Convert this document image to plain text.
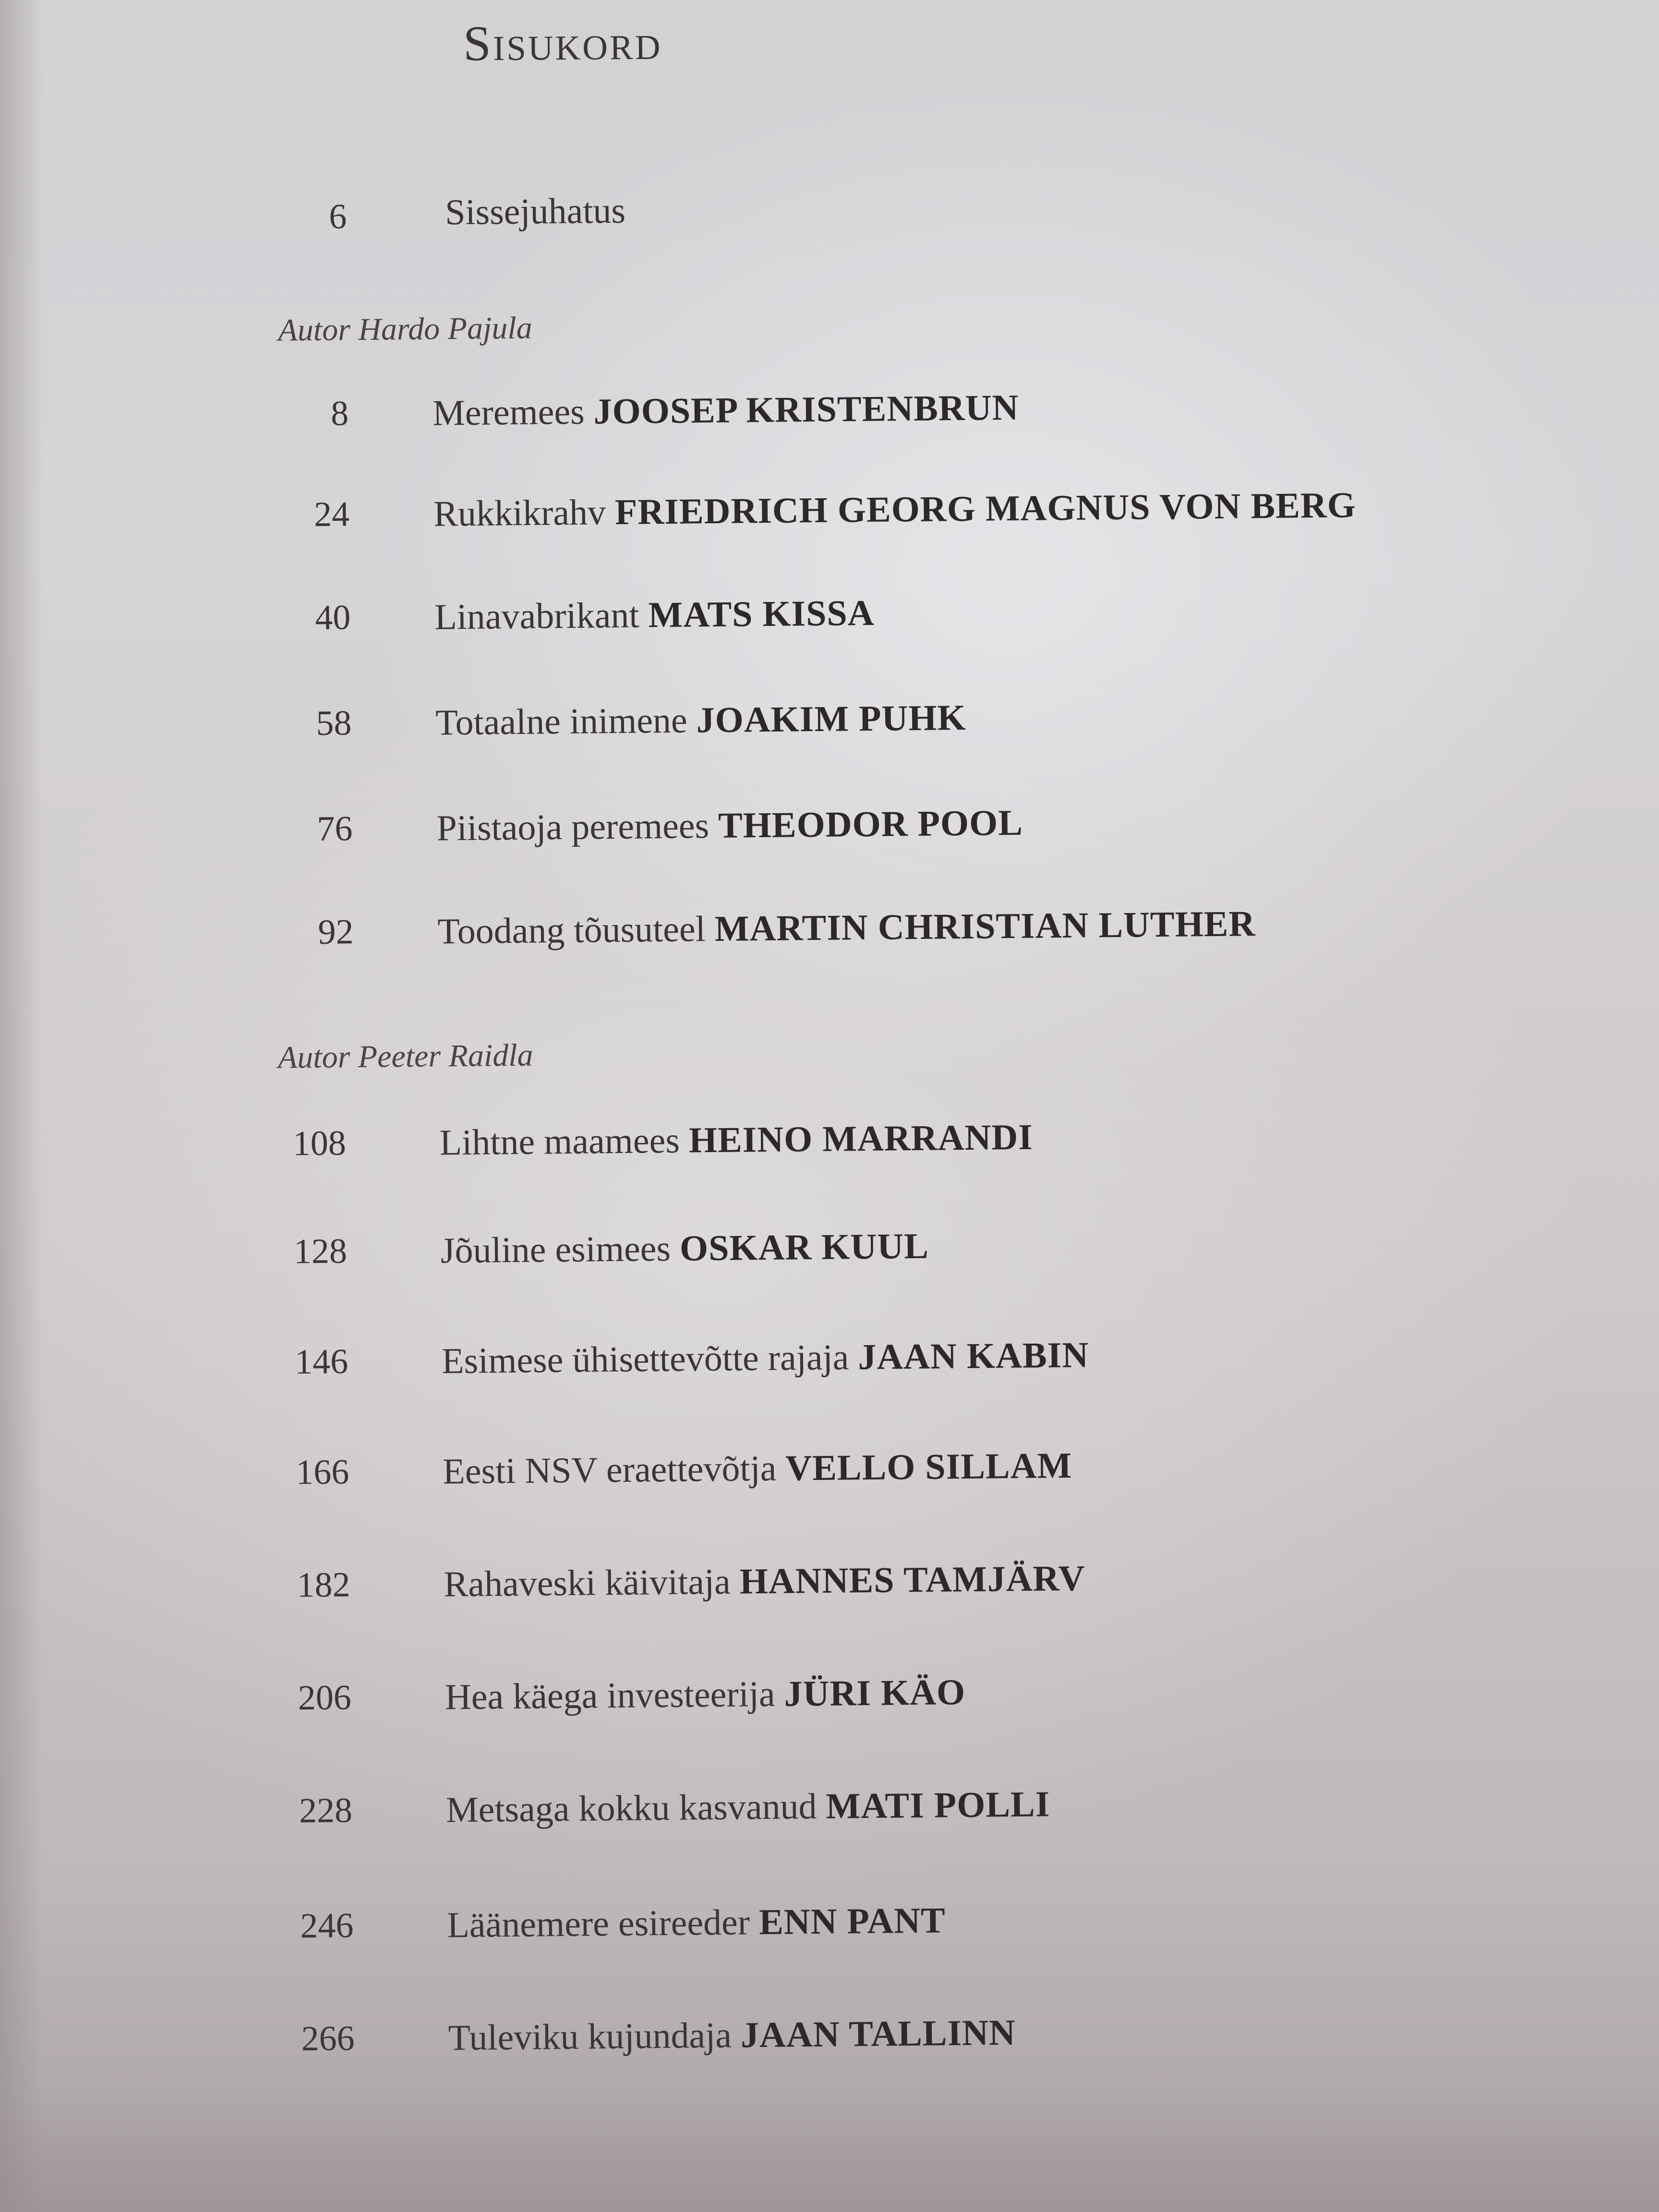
Sisukord
6	Sissejuhatus
Autor Hardo Pajula
8 Meremees JOOSEP KRISTENBRUN
24 Rukkikrahv FRIEDRICH GEORG MAGNUS VON BERG
40 Linavabrikant MATS KISSA
58 Totaalne inimene JOAKIM PUHK
76 Piistaoja peremees THEODOR POOL
92 Toodang tõusuteel MARTIN CHRISTIAN LUTHER
Autor Peeter Raidla
108	Lihtne maamees HEINO MARRANDI
128	Jõuline esimees OSKAR KUUL
146	Esimese ühisettevõtte rajaja JAAN KABIN
166	Eesti NSV eraettevõtja VELLO SILLAM
182	Rahaveski käivitaja HANNES TAMJÄRV
206	Hea käega investeerija JÜRI KÄO
228	Metsaga kokku kasvanud MATI POLLI
246	Läänemere esireeder ENN PANT
266	Tuleviku kujundaja JAAN TALLINN
